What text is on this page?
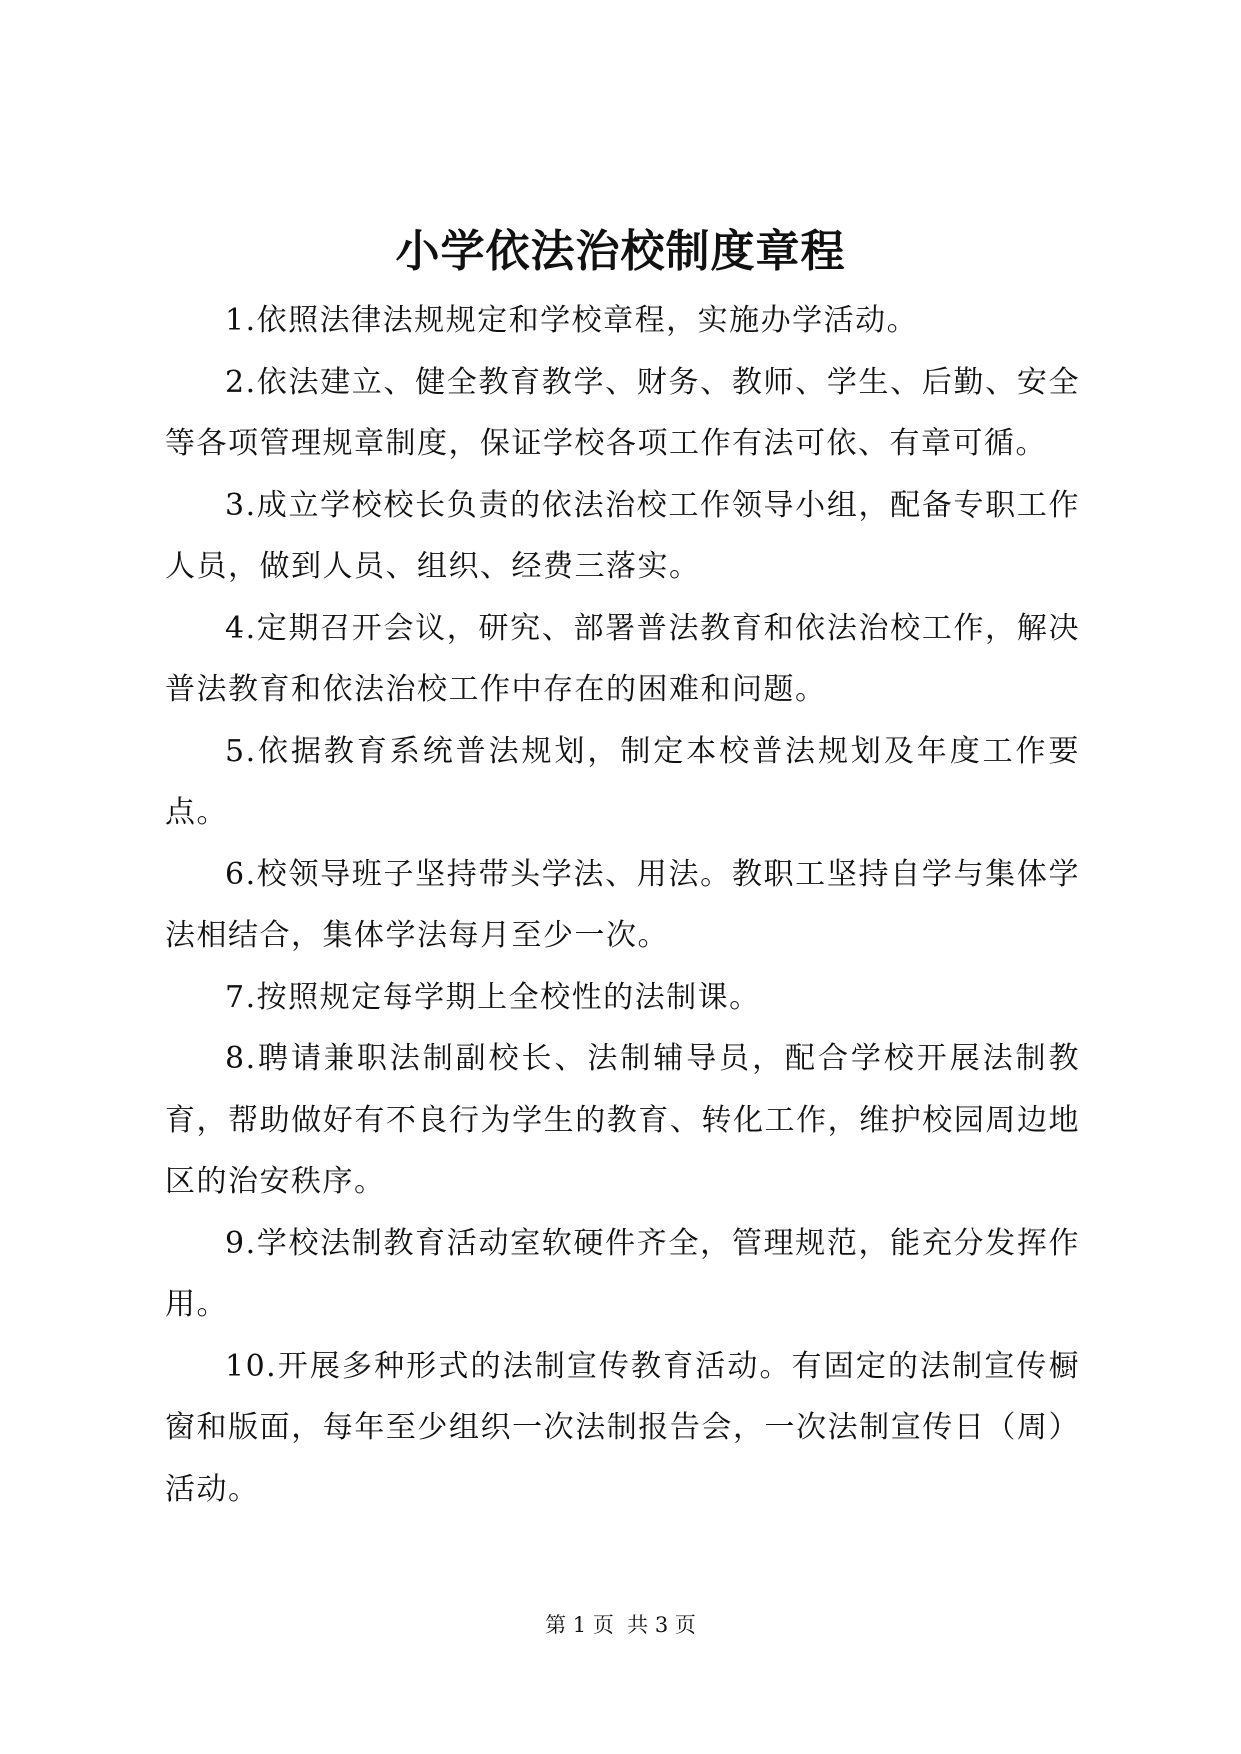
小学依法治校制度章程

1.依照法律法规规定和学校章程，实施办学活动。

2.依法建立、健全教育教学、财务、教师、学生、后勤、安全等各项管理规章制度，保证学校各项工作有法可依、有章可循。

3.成立学校校长负责的依法治校工作领导小组，配备专职工作人员，做到人员、组织、经费三落实。

4.定期召开会议，研究、部署普法教育和依法治校工作，解决普法教育和依法治校工作中存在的困难和问题。

5.依据教育系统普法规划，制定本校普法规划及年度工作要点。

6.校领导班子坚持带头学法、用法。教职工坚持自学与集体学法相结合，集体学法每月至少一次。

7.按照规定每学期上全校性的法制课。

8.聘请兼职法制副校长、法制辅导员，配合学校开展法制教育，帮助做好有不良行为学生的教育、转化工作，维护校园周边地区的治安秩序。

9.学校法制教育活动室软硬件齐全，管理规范，能充分发挥作用。

10.开展多种形式的法制宣传教育活动。有固定的法制宣传橱窗和版面，每年至少组织一次法制报告会，一次法制宣传日（周）活动。

第 1 页  共 3 页
